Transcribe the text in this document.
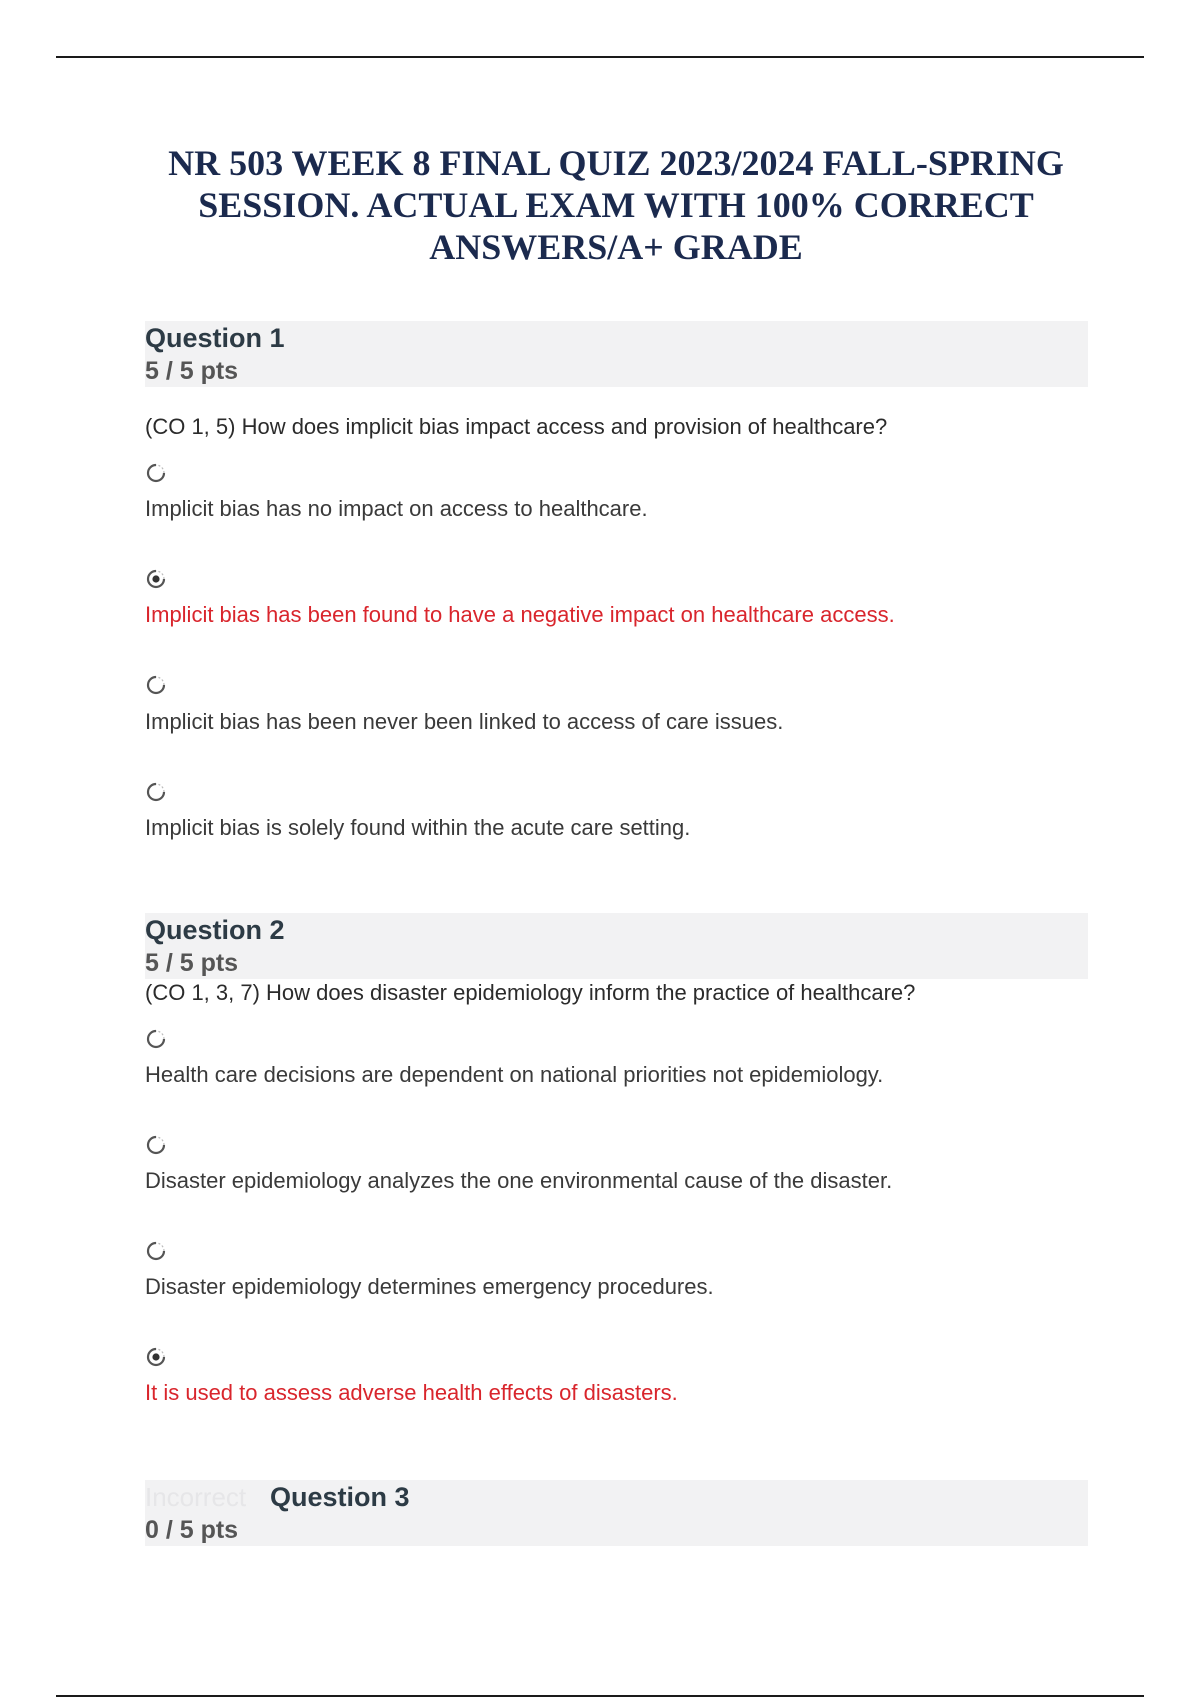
NR 503 WEEK 8 FINAL QUIZ 2023/2024 FALL-SPRING
SESSION. ACTUAL EXAM WITH 100% CORRECT
ANSWERS/A+ GRADE
Question 1
5 / 5 pts
(CO 1, 5) How does implicit bias impact access and provision of healthcare?
Implicit bias has no impact on access to healthcare.
Implicit bias has been found to have a negative impact on healthcare access.
Implicit bias has been never been linked to access of care issues.
Implicit bias is solely found within the acute care setting.
Question 2
5 / 5 pts
(CO 1, 3, 7) How does disaster epidemiology inform the practice of healthcare?
Health care decisions are dependent on national priorities not epidemiology.
Disaster epidemiology analyzes the one environmental cause of the disaster.
Disaster epidemiology determines emergency procedures.
It is used to assess adverse health effects of disasters.
Incorrect Question 3
0 / 5 pts
